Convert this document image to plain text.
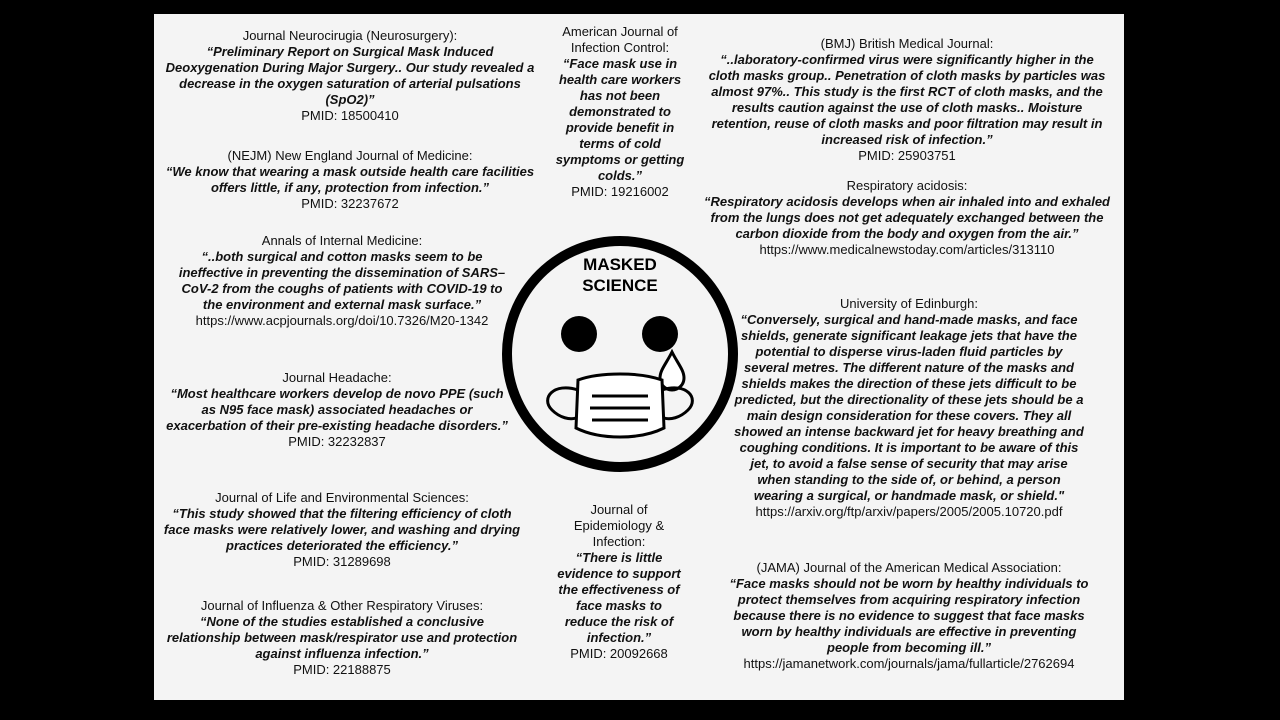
Journal Neurocirugia (Neurosurgery):
“Preliminary Report on Surgical Mask Induced Deoxygenation During Major Surgery.. Our study revealed a decrease in the oxygen saturation of arterial pulsations (SpO2)”
PMID: 18500410
(NEJM) New England Journal of Medicine:
“We know that wearing a mask outside health care facilities offers little, if any, protection from infection.”
PMID: 32237672
Annals of Internal Medicine:
“..both surgical and cotton masks seem to be ineffective in preventing the dissemination of SARS–CoV-2 from the coughs of patients with COVID-19 to the environment and external mask surface.”
https://www.acpjournals.org/doi/10.7326/M20-1342
Journal Headache:
“Most healthcare workers develop de novo PPE (such as N95 face mask) associated headaches or exacerbation of their pre-existing headache disorders.”
PMID: 32232837
Journal of Life and Environmental Sciences:
“This study showed that the filtering efficiency of cloth face masks were relatively lower, and washing and drying practices deteriorated the efficiency.”
PMID: 31289698
Journal of Influenza & Other Respiratory Viruses:
“None of the studies established a conclusive relationship between mask/respirator use and protection against influenza infection.”
PMID: 22188875
American Journal of Infection Control:
“Face mask use in health care workers has not been demonstrated to provide benefit in terms of cold symptoms or getting colds.”
PMID: 19216002
Journal of Epidemiology & Infection:
“There is little evidence to support the effectiveness of face masks to reduce the risk of infection.”
PMID: 20092668
MASKED
SCIENCE
(BMJ) British Medical Journal:
“..laboratory-confirmed virus were significantly higher in the cloth masks group.. Penetration of cloth masks by particles was almost 97%.. This study is the first RCT of cloth masks, and the results caution against the use of cloth masks.. Moisture retention, reuse of cloth masks and poor filtration may result in increased risk of infection.”
PMID: 25903751
Respiratory acidosis:
“Respiratory acidosis develops when air inhaled into and exhaled from the lungs does not get adequately exchanged between the carbon dioxide from the body and oxygen from the air.”
https://www.medicalnewstoday.com/articles/313110
University of Edinburgh:
“Conversely, surgical and hand-made masks, and face shields, generate significant leakage jets that have the potential to disperse virus-laden fluid particles by several metres. The different nature of the masks and shields makes the direction of these jets difficult to be predicted, but the directionality of these jets should be a main design consideration for these covers. They all showed an intense backward jet for heavy breathing and coughing conditions. It is important to be aware of this jet, to avoid a false sense of security that may arise when standing to the side of, or behind, a person wearing a surgical, or handmade mask, or shield."
https://arxiv.org/ftp/arxiv/papers/2005/2005.10720.pdf
(JAMA) Journal of the American Medical Association:
“Face masks should not be worn by healthy individuals to protect themselves from acquiring respiratory infection because there is no evidence to suggest that face masks worn by healthy individuals are effective in preventing people from becoming ill.”
https://jamanetwork.com/journals/jama/fullarticle/2762694
